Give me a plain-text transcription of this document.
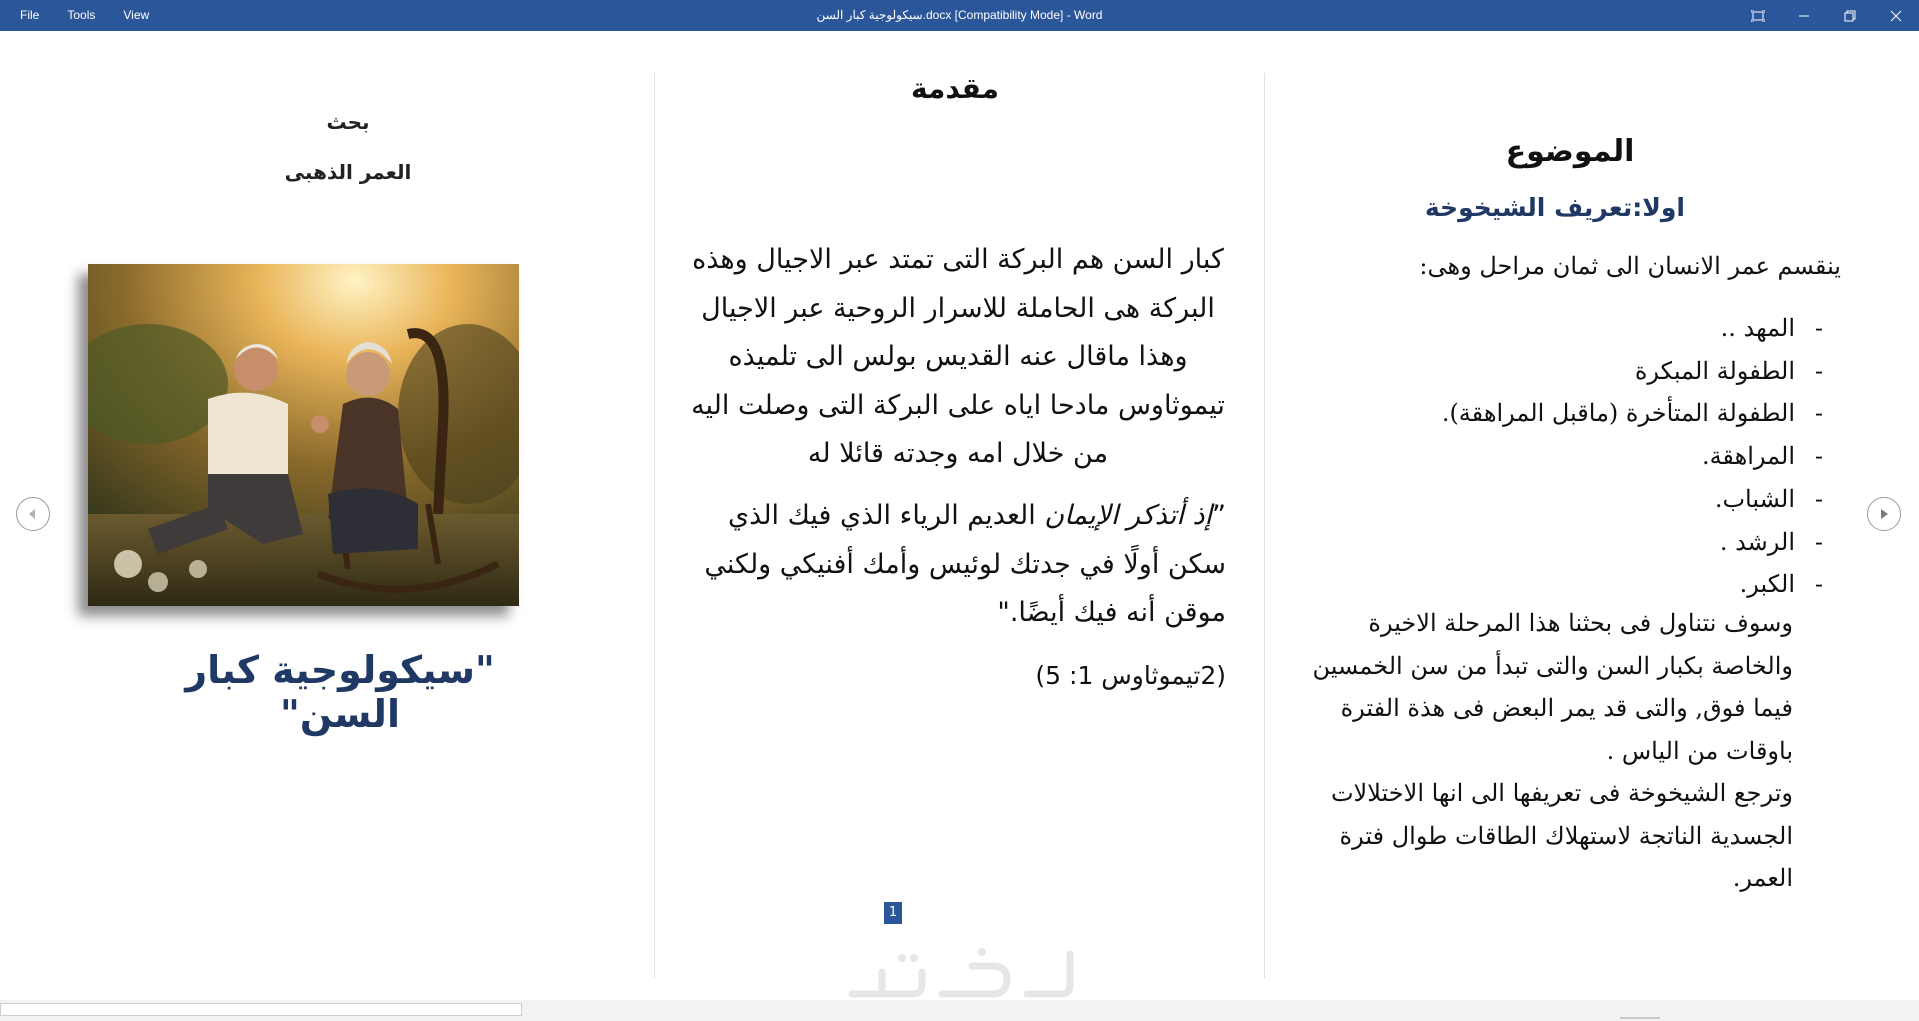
File	Tools	View	سيكولوجية كبار السن.docx [Compatibility Mode] - Word
بحث
العمر الذهبى
"سيكولوجية كبار السن"
مقدمة
كبار السن هم البركة التى تمتد عبر الاجيال وهذه البركة هى الحاملة للاسرار الروحية عبر الاجيال وهذا ماقال عنه القديس بولس الى تلميذه تيموثاوس مادحا اياه على البركة التى وصلت اليه من خلال امه وجدته قائلا له
”إذ أتذكر الإيمان العديم الرياء الذي فيك الذي سكن أولًا في جدتك لوئيس وأمك أفنيكي ولكني موقن أنه فيك أيضًا."
(2تيموثاوس 1: 5)
1
الموضوع
اولا:تعريف الشيخوخة
ينقسم عمر الانسان الى ثمان مراحل وهى:
- المهد ..
- الطفولة المبكرة
- الطفولة المتأخرة (ماقبل المراهقة).
- المراهقة.
- الشباب.
- الرشد .
- الكبر.
وسوف نتناول فى بحثنا هذا المرحلة الاخيرة والخاصة بكبار السن والتى تبدأ من سن الخمسين فيما فوق, والتى قد يمر البعض فى هذة الفترة باوقات من الياس .
وترجع الشيخوخة فى تعريفها الى انها الاختلالات الجسدية الناتجة لاستهلاك الطاقات طوال فترة العمر.
